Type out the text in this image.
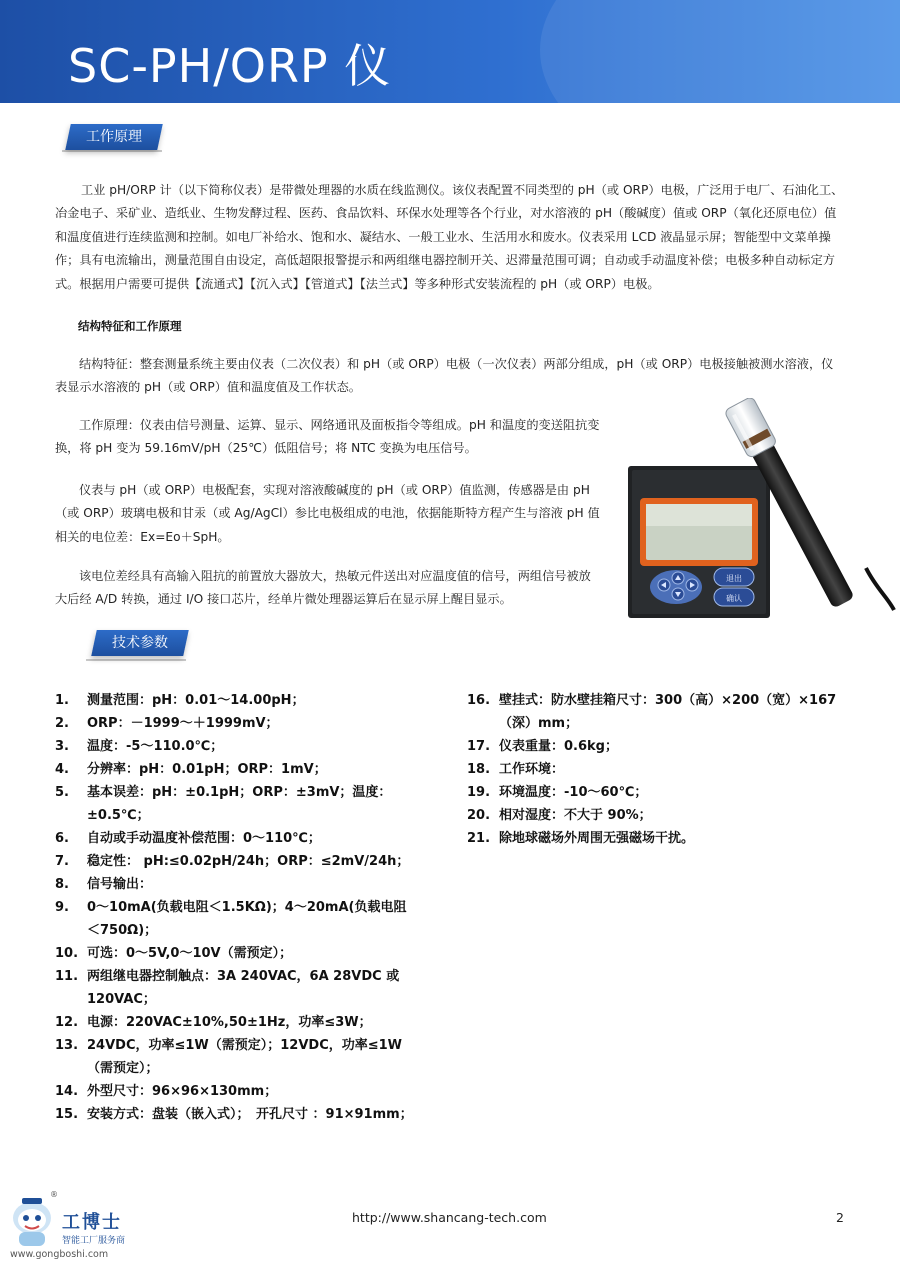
SC-PH/ORP 仪
工作原理
工业 pH/ORP 计（以下简称仪表）是带微处理器的水质在线监测仪。该仪表配置不同类型的 pH（或 ORP）电极，广泛用于电厂、石油化工、冶金电子、采矿业、造纸业、生物发酵过程、医药、食品饮料、环保水处理等各个行业，对水溶液的 pH（酸碱度）值或 ORP（氧化还原电位）值和温度值进行连续监测和控制。如电厂补给水、饱和水、凝结水、一般工业水、生活用水和废水。仪表采用 LCD 液晶显示屏；智能型中文菜单操作；具有电流输出，测量范围自由设定，高低超限报警提示和两组继电器控制开关、迟滞量范围可调；自动或手动温度补偿；电极多种自动标定方式。根据用户需要可提供【流通式】【沉入式】【管道式】【法兰式】等多种形式安装流程的 pH（或 ORP）电极。
结构特征和工作原理
结构特征：整套测量系统主要由仪表（二次仪表）和 pH（或 ORP）电极（一次仪表）两部分组成，pH（或 ORP）电极接触被测水溶液，仪表显示水溶液的 pH（或 ORP）值和温度值及工作状态。
工作原理：仪表由信号测量、运算、显示、网络通讯及面板指令等组成。pH 和温度的变送阻抗变换，将 pH 变为 59.16mV/pH（25℃）低阻信号；将 NTC 变换为电压信号。
仪表与 pH（或 ORP）电极配套，实现对溶液酸碱度的 pH（或 ORP）值监测，传感器是由 pH（或 ORP）玻璃电极和甘汞（或 Ag/AgCl）参比电极组成的电池，依据能斯特方程产生与溶液 pH 值相关的电位差：Ex=Eo＋SpH。
该电位差经具有高输入阻抗的前置放大器放大，热敏元件送出对应温度值的信号，两组信号被放大后经 A/D 转换，通过 I/O 接口芯片，经单片微处理器运算后在显示屏上醒目显示。
退出
确认
技术参数
1.	测量范围：pH：0.01～14.00pH；
2.	ORP：－1999～＋1999mV；
3.	温度：-5～110.0℃；
4.	分辨率：pH：0.01pH；ORP：1mV；
5.	基本误差：pH：±0.1pH；ORP：±3mV；温度：±0.5℃；
6.	自动或手动温度补偿范围：0～110℃；
7.	稳定性： pH:≤0.02pH/24h；ORP：≤2mV/24h；
8.	信号输出：
9.	0～10mA(负载电阻＜1.5KΩ)；4～20mA(负载电阻＜750Ω)；
10. 可选：0～5V,0～10V（需预定）；
11. 两组继电器控制触点：3A 240VAC，6A 28VDC 或120VAC；
12. 电源：220VAC±10%,50±1Hz，功率≤3W；
13. 24VDC，功率≤1W（需预定）；12VDC，功率≤1W（需预定）；
14. 外型尺寸：96×96×130mm；
15. 安装方式：盘装（嵌入式）；　开孔尺寸 ：91×91mm；
16. 壁挂式：防水壁挂箱尺寸：300（高）×200（宽）×167（深）mm；
17. 仪表重量：0.6kg；
18. 工作环境：
19. 环境温度：-10～60℃；
20. 相对湿度：不大于 90%；
21. 除地球磁场外周围无强磁场干扰。
®
工博士
智能工厂服务商
www.gongboshi.com
http://www.shancang-tech.com	2
